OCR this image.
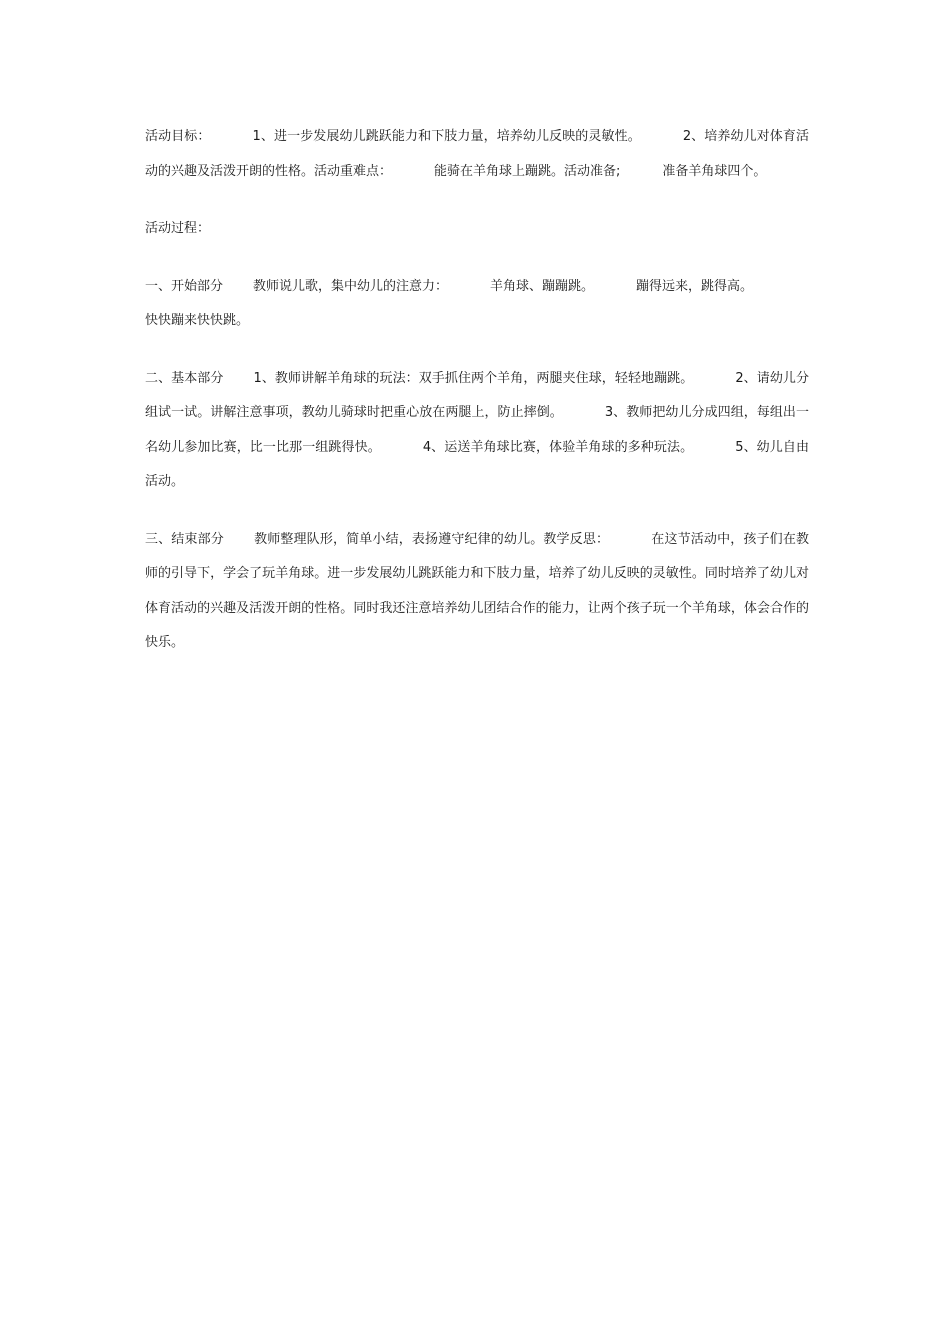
活动目标：	1、进一步发展幼儿跳跃能力和下肢力量，培养幼儿反映的灵敏性。	2、培养幼儿对体育活动的兴趣及活泼开朗的性格。活动重难点：	能骑在羊角球上蹦跳。活动准备;	准备羊角球四个。

活动过程：

一、开始部分 教师说儿歌，集中幼儿的注意力：	羊角球、蹦蹦跳。	蹦得远来，跳得高。
快快蹦来快快跳。

二、基本部分 1、教师讲解羊角球的玩法：双手抓住两个羊角，两腿夹住球，轻轻地蹦跳。	2、请幼儿分组试一试。讲解注意事项，教幼儿骑球时把重心放在两腿上，防止摔倒。	3、教师把幼儿分成四组，每组出一名幼儿参加比赛，比一比那一组跳得快。	4、运送羊角球比赛，体验羊角球的多种玩法。	5、幼儿自由活动。

三、结束部分 教师整理队形，简单小结，表扬遵守纪律的幼儿。教学反思：	在这节活动中，孩子们在教师的引导下，学会了玩羊角球。进一步发展幼儿跳跃能力和下肢力量，培养了幼儿反映的灵敏性。同时培养了幼儿对体育活动的兴趣及活泼开朗的性格。同时我还注意培养幼儿团结合作的能力，让两个孩子玩一个羊角球，体会合作的快乐。
